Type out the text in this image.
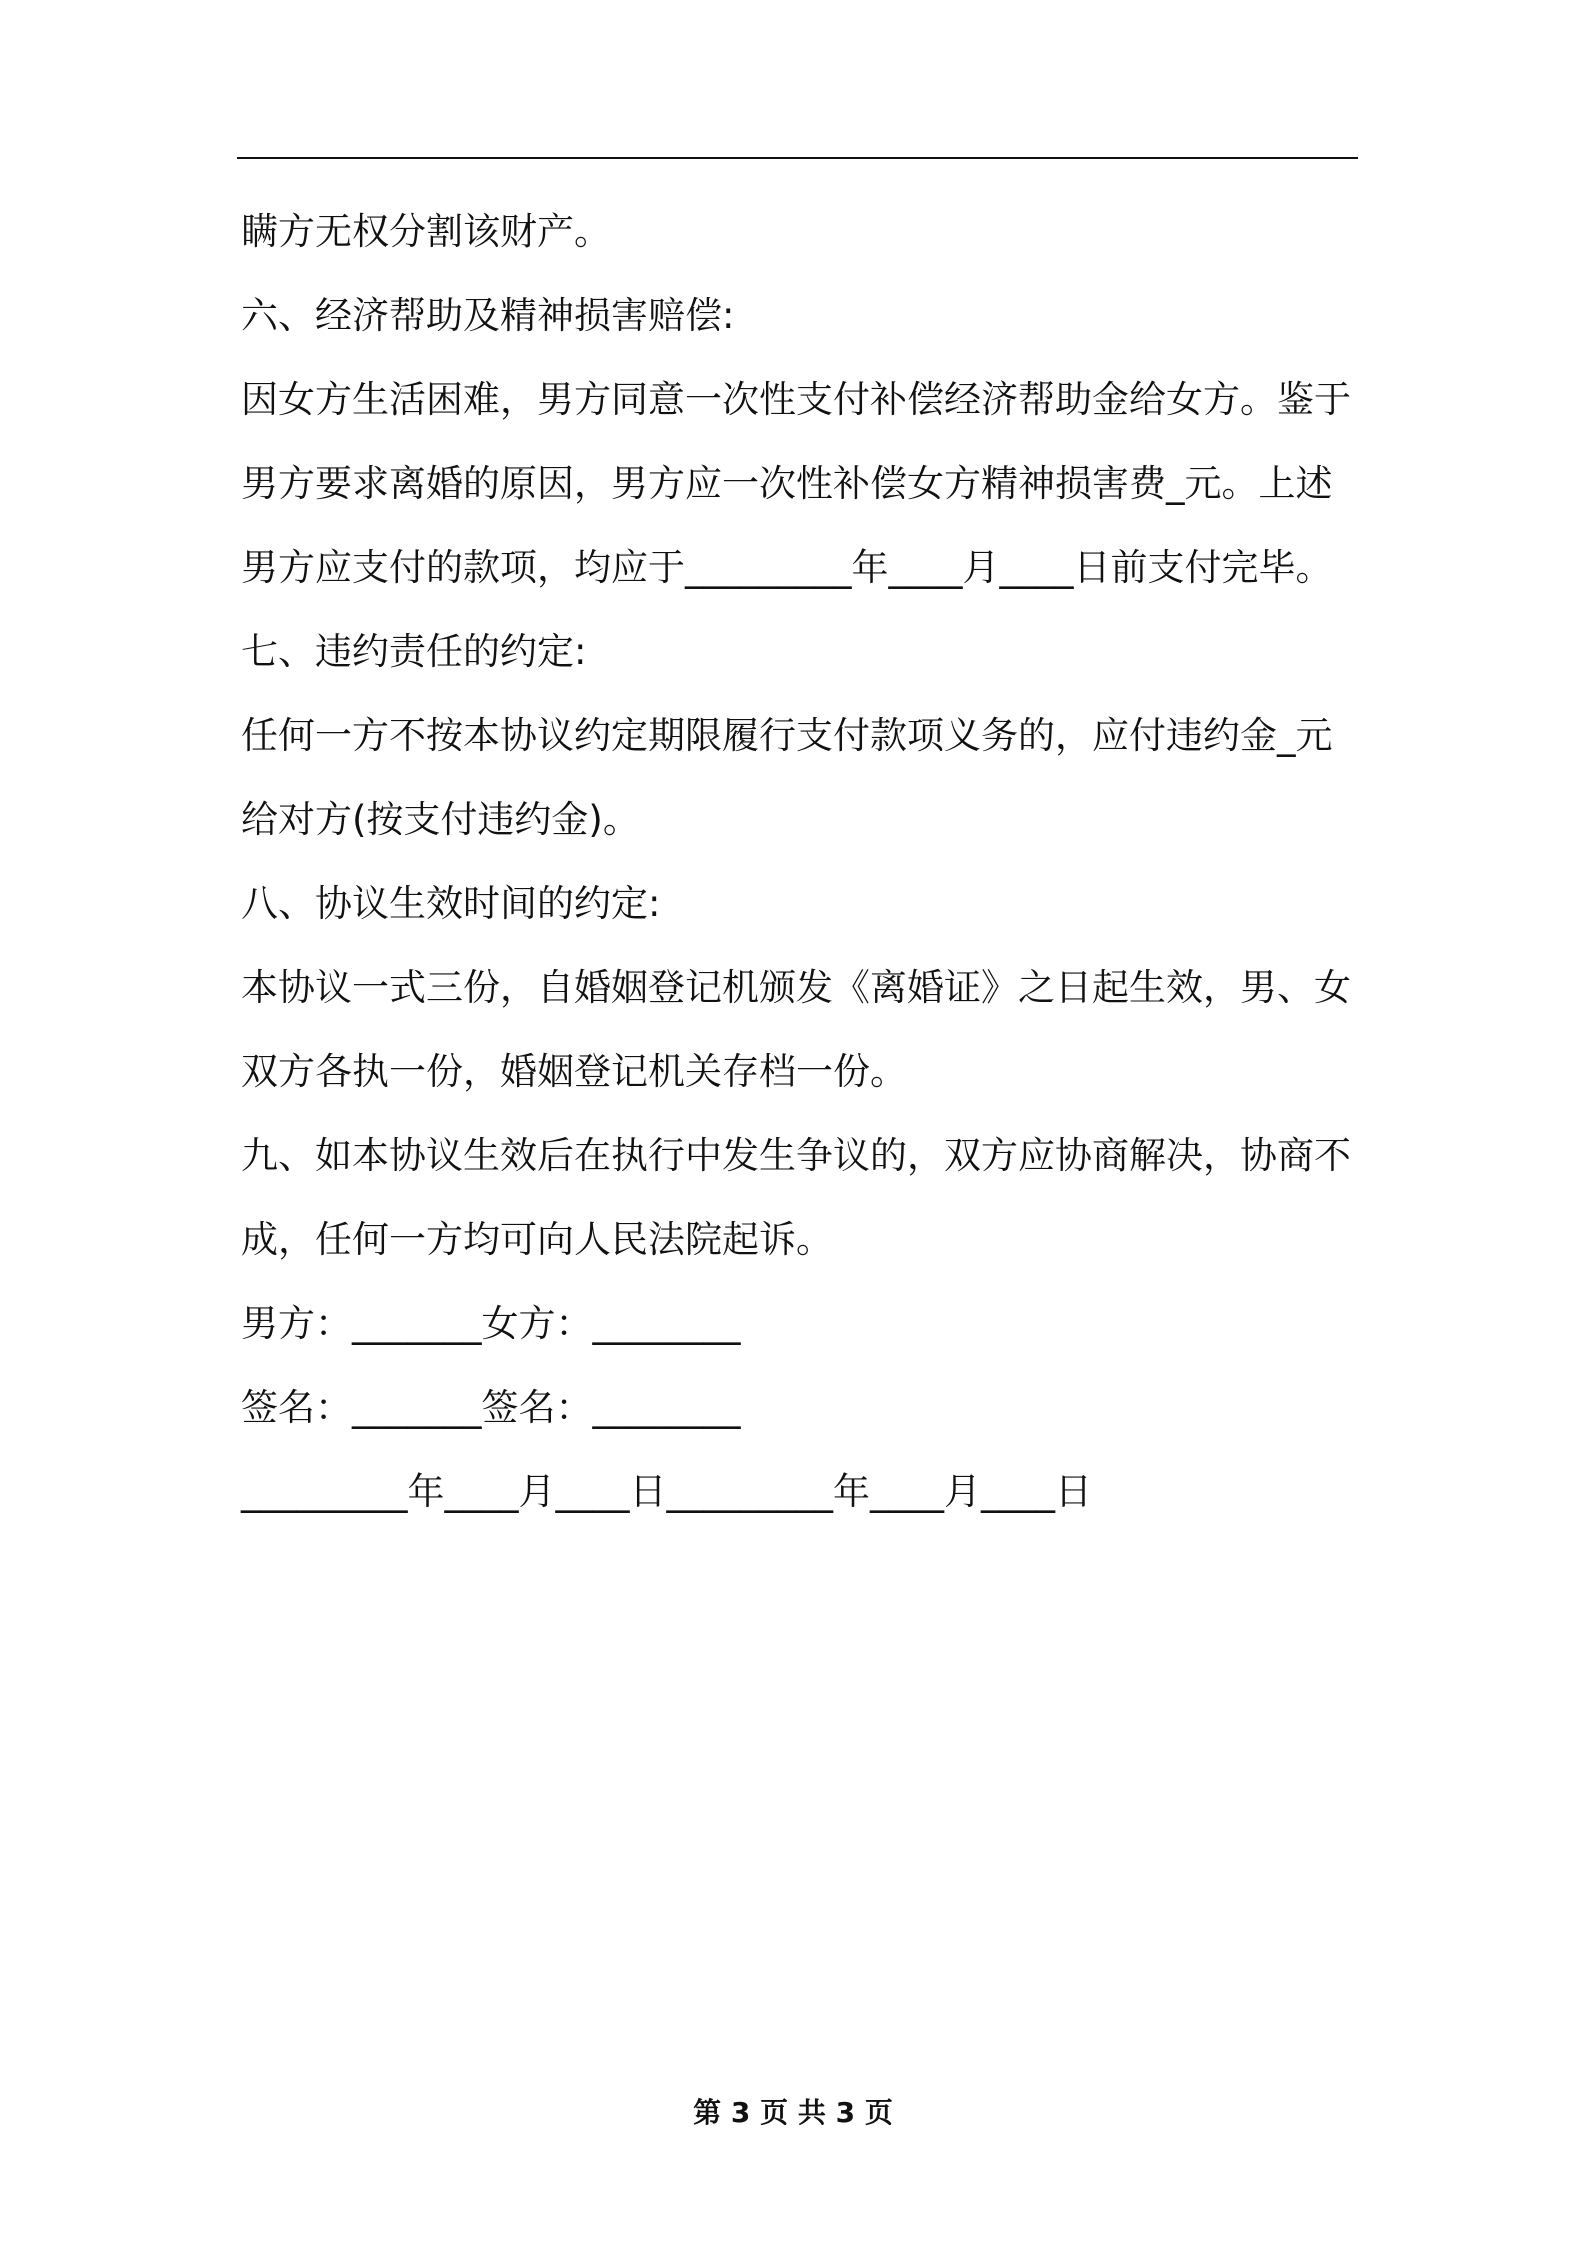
瞒方无权分割该财产。
六、经济帮助及精神损害赔偿:
因女方生活困难，男方同意一次性支付补偿经济帮助金给女方。鉴于
男方要求离婚的原因，男方应一次性补偿女方精神损害费_元。上述
男方应支付的款项，均应于_________年____月____日前支付完毕。
七、违约责任的约定:
任何一方不按本协议约定期限履行支付款项义务的，应付违约金_元
给对方(按支付违约金)。
八、协议生效时间的约定:
本协议一式三份，自婚姻登记机颁发《离婚证》之日起生效，男、女
双方各执一份，婚姻登记机关存档一份。
九、如本协议生效后在执行中发生争议的，双方应协商解决，协商不
成，任何一方均可向人民法院起诉。
男方：_______女方：________
签名：_______签名：________
_________年____月____日_________年____月____日
第 3 页 共 3 页
